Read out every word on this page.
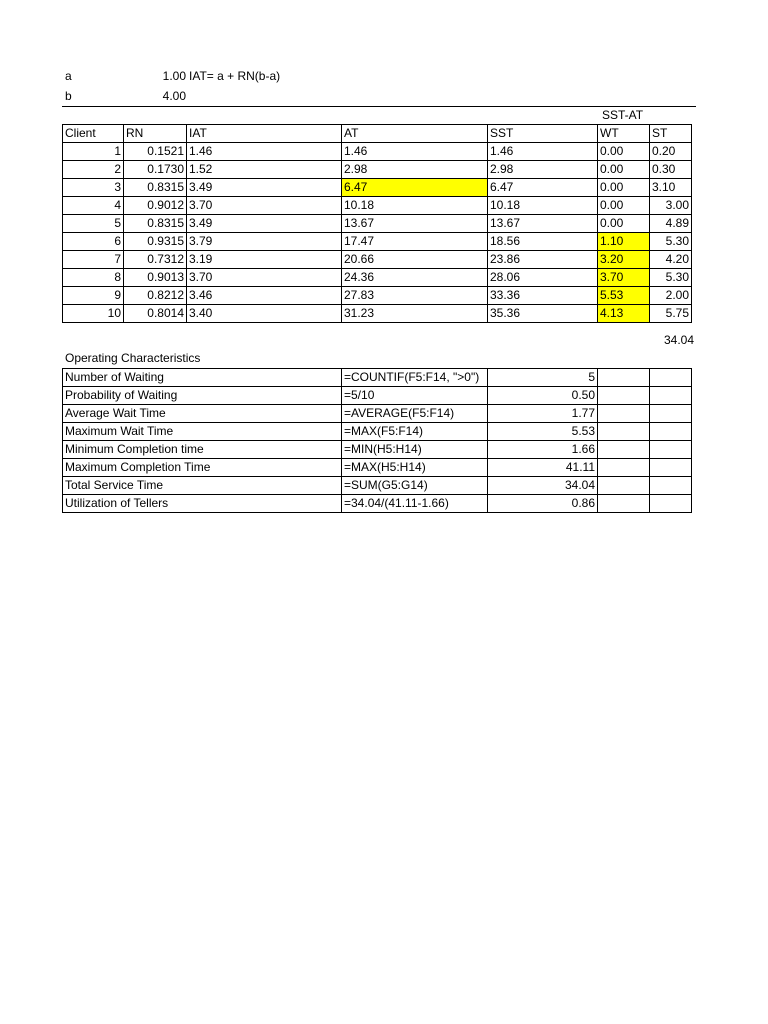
a	1.00 IAT= a + RN(b-a)
b	4.00
SST-AT
Client	RN	IAT	AT	SST	WT	ST
1	0.1521	1.46	1.46	1.46	0.00	0.20
2	0.1730	1.52	2.98	2.98	0.00	0.30
3	0.8315	3.49	6.47	6.47	0.00	3.10
4	0.9012	3.70	10.18	10.18	0.00	3.00
5	0.8315	3.49	13.67	13.67	0.00	4.89
6	0.9315	3.79	17.47	18.56	1.10	5.30
7	0.7312	3.19	20.66	23.86	3.20	4.20
8	0.9013	3.70	24.36	28.06	3.70	5.30
9	0.8212	3.46	27.83	33.36	5.53	2.00
10	0.8014	3.40	31.23	35.36	4.13	5.75
34.04
Operating Characteristics
Number of Waiting	=COUNTIF(F5:F14, ">0")	5		
Probability of Waiting	=5/10	0.50		
Average Wait Time	=AVERAGE(F5:F14)	1.77		
Maximum Wait Time	=MAX(F5:F14)	5.53		
Minimum Completion time	=MIN(H5:H14)	1.66		
Maximum Completion Time	=MAX(H5:H14)	41.11		
Total Service Time	=SUM(G5:G14)	34.04		
Utilization of Tellers	=34.04/(41.11-1.66)	0.86		
